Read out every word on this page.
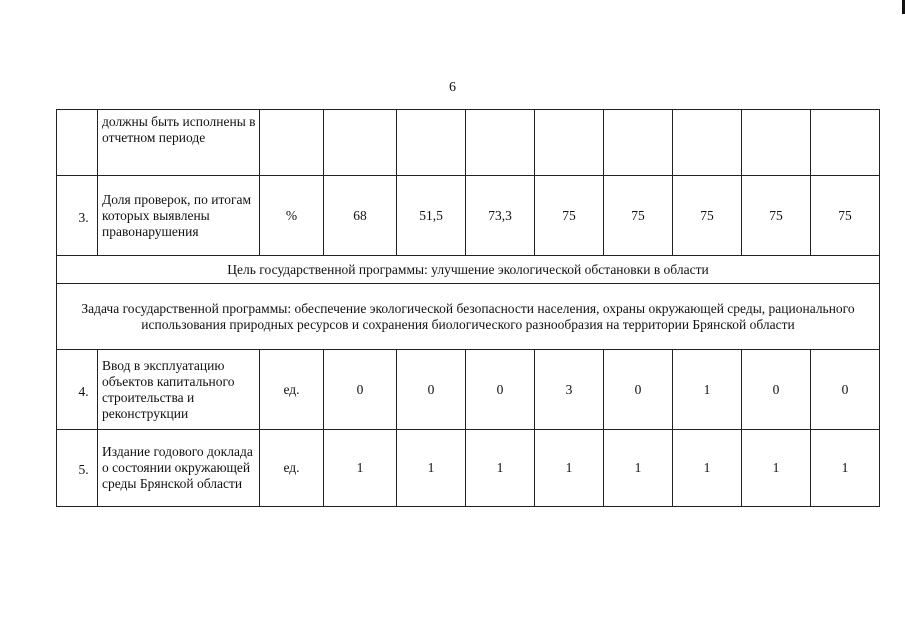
6
	должны быть исполнены в отчетном периоде									
3.	Доля проверок, по итогам которых выявлены правонарушения	%	68	51,5	73,3	75	75	75	75	75
Цель государственной программы: улучшение экологической обстановки в области										
Задача государственной программы: обеспечение экологической безопасности населения, охраны окружающей среды, рационального использования природных ресурсов и сохранения биологического разнообразия на территории Брянской области										
4.	Ввод в эксплуатацию объектов капитального строительства и реконструкции	ед.	0	0	0	3	0	1	0	0
5.	Издание годового доклада о состоянии окружающей среды Брянской области	ед.	1	1	1	1	1	1	1	1
